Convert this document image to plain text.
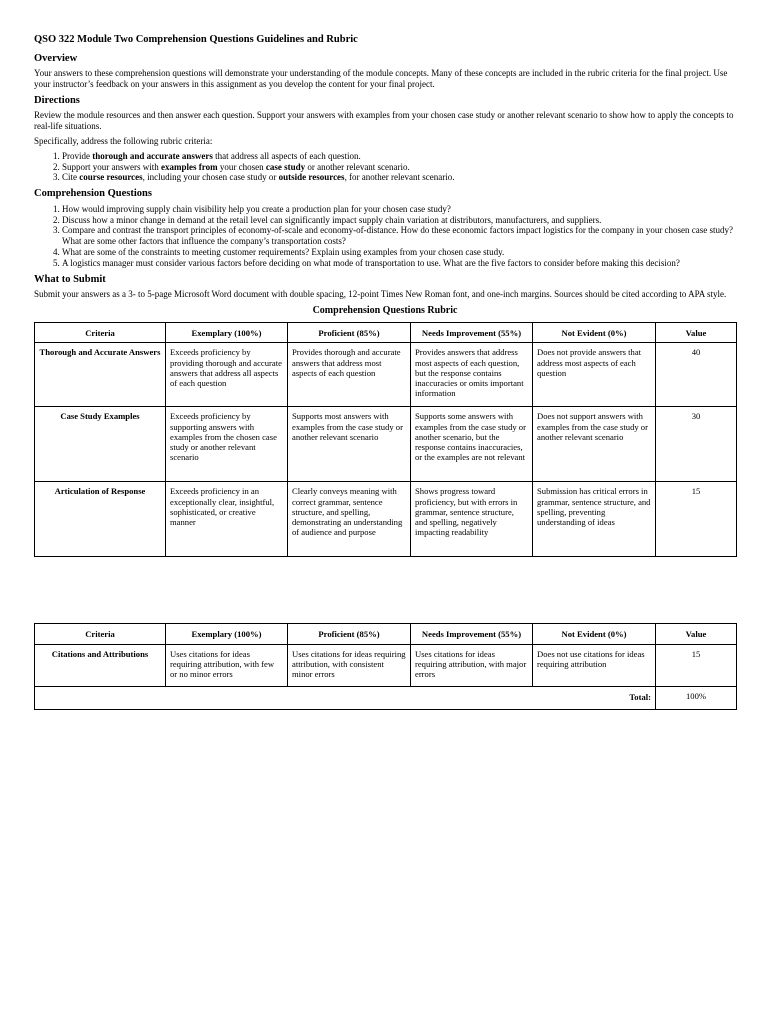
QSO 322 Module Two Comprehension Questions Guidelines and Rubric
Overview

Your answers to these comprehension questions will demonstrate your understanding of the module concepts. Many of these concepts are included in the rubric criteria for the final project. Use your instructor’s feedback on your answers in this assignment as you develop the content for your final project.

Directions

Review the module resources and then answer each question. Support your answers with examples from your chosen case study or another relevant scenario to show how to apply the concepts to real-life situations.

Specifically, address the following rubric criteria:

1. Provide thorough and accurate answers that address all aspects of each question.
2. Support your answers with examples from your chosen case study or another relevant scenario.
3. Cite course resources, including your chosen case study or outside resources, for another relevant scenario.
Comprehension Questions
1. How would improving supply chain visibility help you create a production plan for your chosen case study?
2. Discuss how a minor change in demand at the retail level can significantly impact supply chain variation at distributors, manufacturers, and suppliers.
3. Compare and contrast the transport principles of economy-of-scale and economy-of-distance. How do these economic factors impact logistics for the company in your chosen case study? What are some other factors that influence the company’s transportation costs?
4. What are some of the constraints to meeting customer requirements? Explain using examples from your chosen case study.
5. A logistics manager must consider various factors before deciding on what mode of transportation to use. What are the five factors to consider before making this decision?
What to Submit

Submit your answers as a 3- to 5-page Microsoft Word document with double spacing, 12-point Times New Roman font, and one-inch margins. Sources should be cited according to APA style.

Comprehension Questions Rubric
Criteria	Exemplary (100%)	Proficient (85%)	Needs Improvement (55%)	Not Evident (0%)	Value
Thorough and Accurate Answers	Exceeds proficiency by providing thorough and accurate answers that address all aspects of each question	Provides thorough and accurate answers that address most aspects of each question	Provides answers that address most aspects of each question, but the response contains inaccuracies or omits important information	Does not provide answers that address most aspects of each question	40
Case Study Examples	Exceeds proficiency by supporting answers with examples from the chosen case study or another relevant scenario	Supports most answers with examples from the case study or another relevant scenario	Supports some answers with examples from the case study or another scenario, but the response contains inaccuracies, or the examples are not relevant	Does not support answers with examples from the case study or another relevant scenario	30
Articulation of Response	Exceeds proficiency in an exceptionally clear, insightful, sophisticated, or creative manner	Clearly conveys meaning with correct grammar, sentence structure, and spelling, demonstrating an understanding of audience and purpose	Shows progress toward proficiency, but with errors in grammar, sentence structure, and spelling, negatively impacting readability	Submission has critical errors in grammar, sentence structure, and spelling, preventing understanding of ideas	15
Criteria	Exemplary (100%)	Proficient (85%)	Needs Improvement (55%)	Not Evident (0%)	Value
Citations and Attributions	Uses citations for ideas requiring attribution, with few or no minor errors	Uses citations for ideas requiring attribution, with consistent minor errors	Uses citations for ideas requiring attribution, with major errors	Does not use citations for ideas requiring attribution	15
Total:					100%
